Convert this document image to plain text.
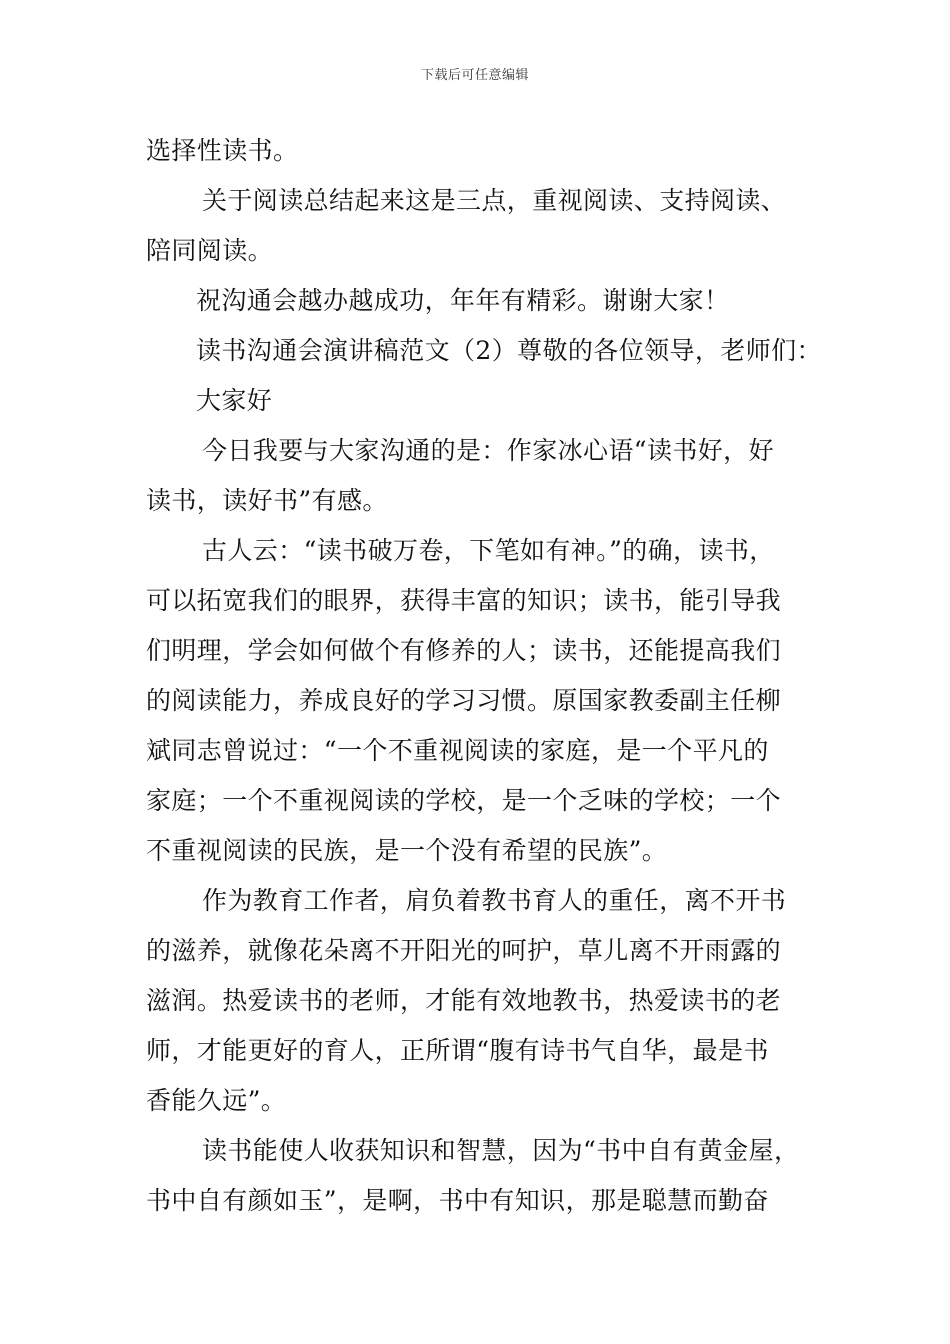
下载后可任意编辑
选择性读书。
关于阅读总结起来这是三点，重视阅读、支持阅读、
陪同阅读。
祝沟通会越办越成功，年年有精彩。谢谢大家！
读书沟通会演讲稿范文（2）尊敬的各位领导，老师们：
大家好
今日我要与大家沟通的是：作家冰心语“读书好，好
读书，读好书”有感。
古人云：“读书破万卷，下笔如有神。”的确，读书，
可以拓宽我们的眼界，获得丰富的知识；读书，能引导我
们明理，学会如何做个有修养的人；读书，还能提高我们
的阅读能力，养成良好的学习习惯。原国家教委副主任柳
斌同志曾说过：“一个不重视阅读的家庭，是一个平凡的
家庭；一个不重视阅读的学校，是一个乏味的学校；一个
不重视阅读的民族，是一个没有希望的民族”。
作为教育工作者，肩负着教书育人的重任，离不开书
的滋养，就像花朵离不开阳光的呵护，草儿离不开雨露的
滋润。热爱读书的老师，才能有效地教书，热爱读书的老
师，才能更好的育人，正所谓“腹有诗书气自华，最是书
香能久远”。
读书能使人收获知识和智慧，因为“书中自有黄金屋，
书中自有颜如玉”，是啊，书中有知识，那是聪慧而勤奋
